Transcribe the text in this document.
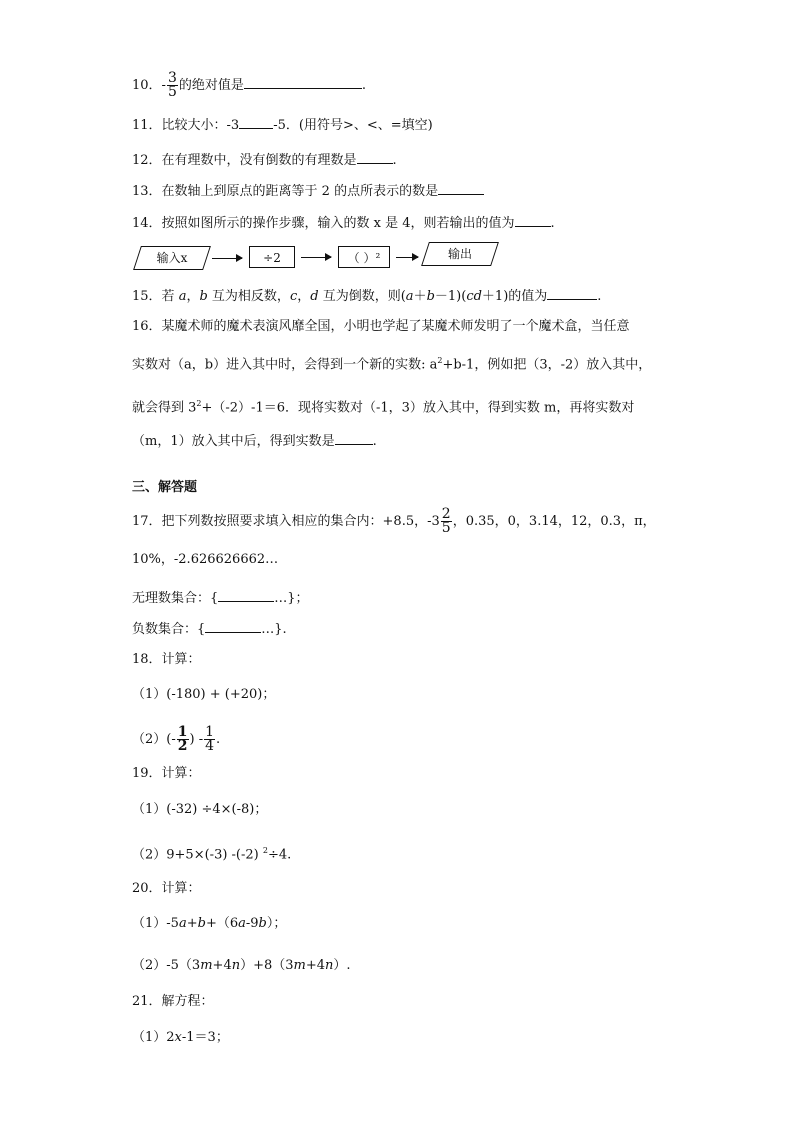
10．- $\frac{3}{5}$ 的绝对值是	.
11．比较大小：-3	-5．(用符号>、<、=填空)
12．在有理数中，没有倒数的有理数是	.
13．在数轴上到原点的距离等于 2 的点所表示的数是
14．按照如图所示的操作步骤，输入的数 x 是 4，则若输出的值为	.
输入x	÷2	（ ）²	输出
15．若 a，b 互为相反数，c，d 互为倒数，则(a＋b－1)(cd＋1)的值为	.
16．某魔术师的魔术表演风靡全国，小明也学起了某魔术师发明了一个魔术盒，当任意
实数对（a，b）进入其中时，会得到一个新的实数: $a^2+b-1$，例如把（3，-2）放入其中，
就会得到 $3^2+(-2)-1=6$．现将实数对（-1，3）放入其中，得到实数 m，再将实数对
（m，1）放入其中后，得到实数是	.
三、解答题
17．把下列数按照要求填入相应的集合内：+8.5，$-3 \frac{2}{5}$ ，0.35，0，3.14，12，0.3，π，
10%，-2.626626662…
无理数集合：{	…}；
负数集合：{	…}.
18．计算：
（1）(-180) + (+20)；
$(2)(- \frac{1}{2}$ ) - $\frac{1}{4}$ .
19．计算：
（1）(-32) ÷4×(-8)；
（2）9+5×(-3) -(-2) $^2$÷4.
20．计算：
（1）-5a+b+（6a-9b）；
（2）-5（3m+4n）+8（3m+4n）.
21．解方程：
（1）2x-1＝3；
